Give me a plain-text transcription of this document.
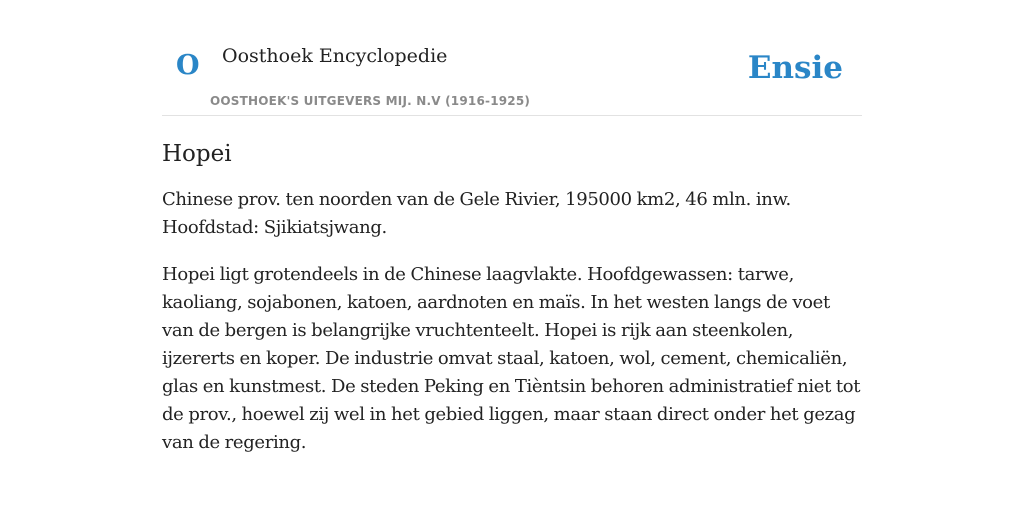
O Oosthoek Encyclopedie
OOSTHOEK'S UITGEVERS MIJ. N.V (1916-1925)
Ensie
Hopei

Chinese prov. ten noorden van de Gele Rivier, 195000 km2, 46 mln. inw. Hoofdstad: Sjikiatsjwang.

Hopei ligt grotendeels in de Chinese laagvlakte. Hoofdgewassen: tarwe, kaoliang, sojabonen, katoen, aardnoten en maïs. In het westen langs de voet van de bergen is belangrijke vruchtenteelt. Hopei is rijk aan steenkolen, ijzererts en koper. De industrie omvat staal, katoen, wol, cement, chemicaliën, glas en kunstmest. De steden Peking en Tièntsin behoren administratief niet tot de prov., hoewel zij wel in het gebied liggen, maar staan direct onder het gezag van de regering.
